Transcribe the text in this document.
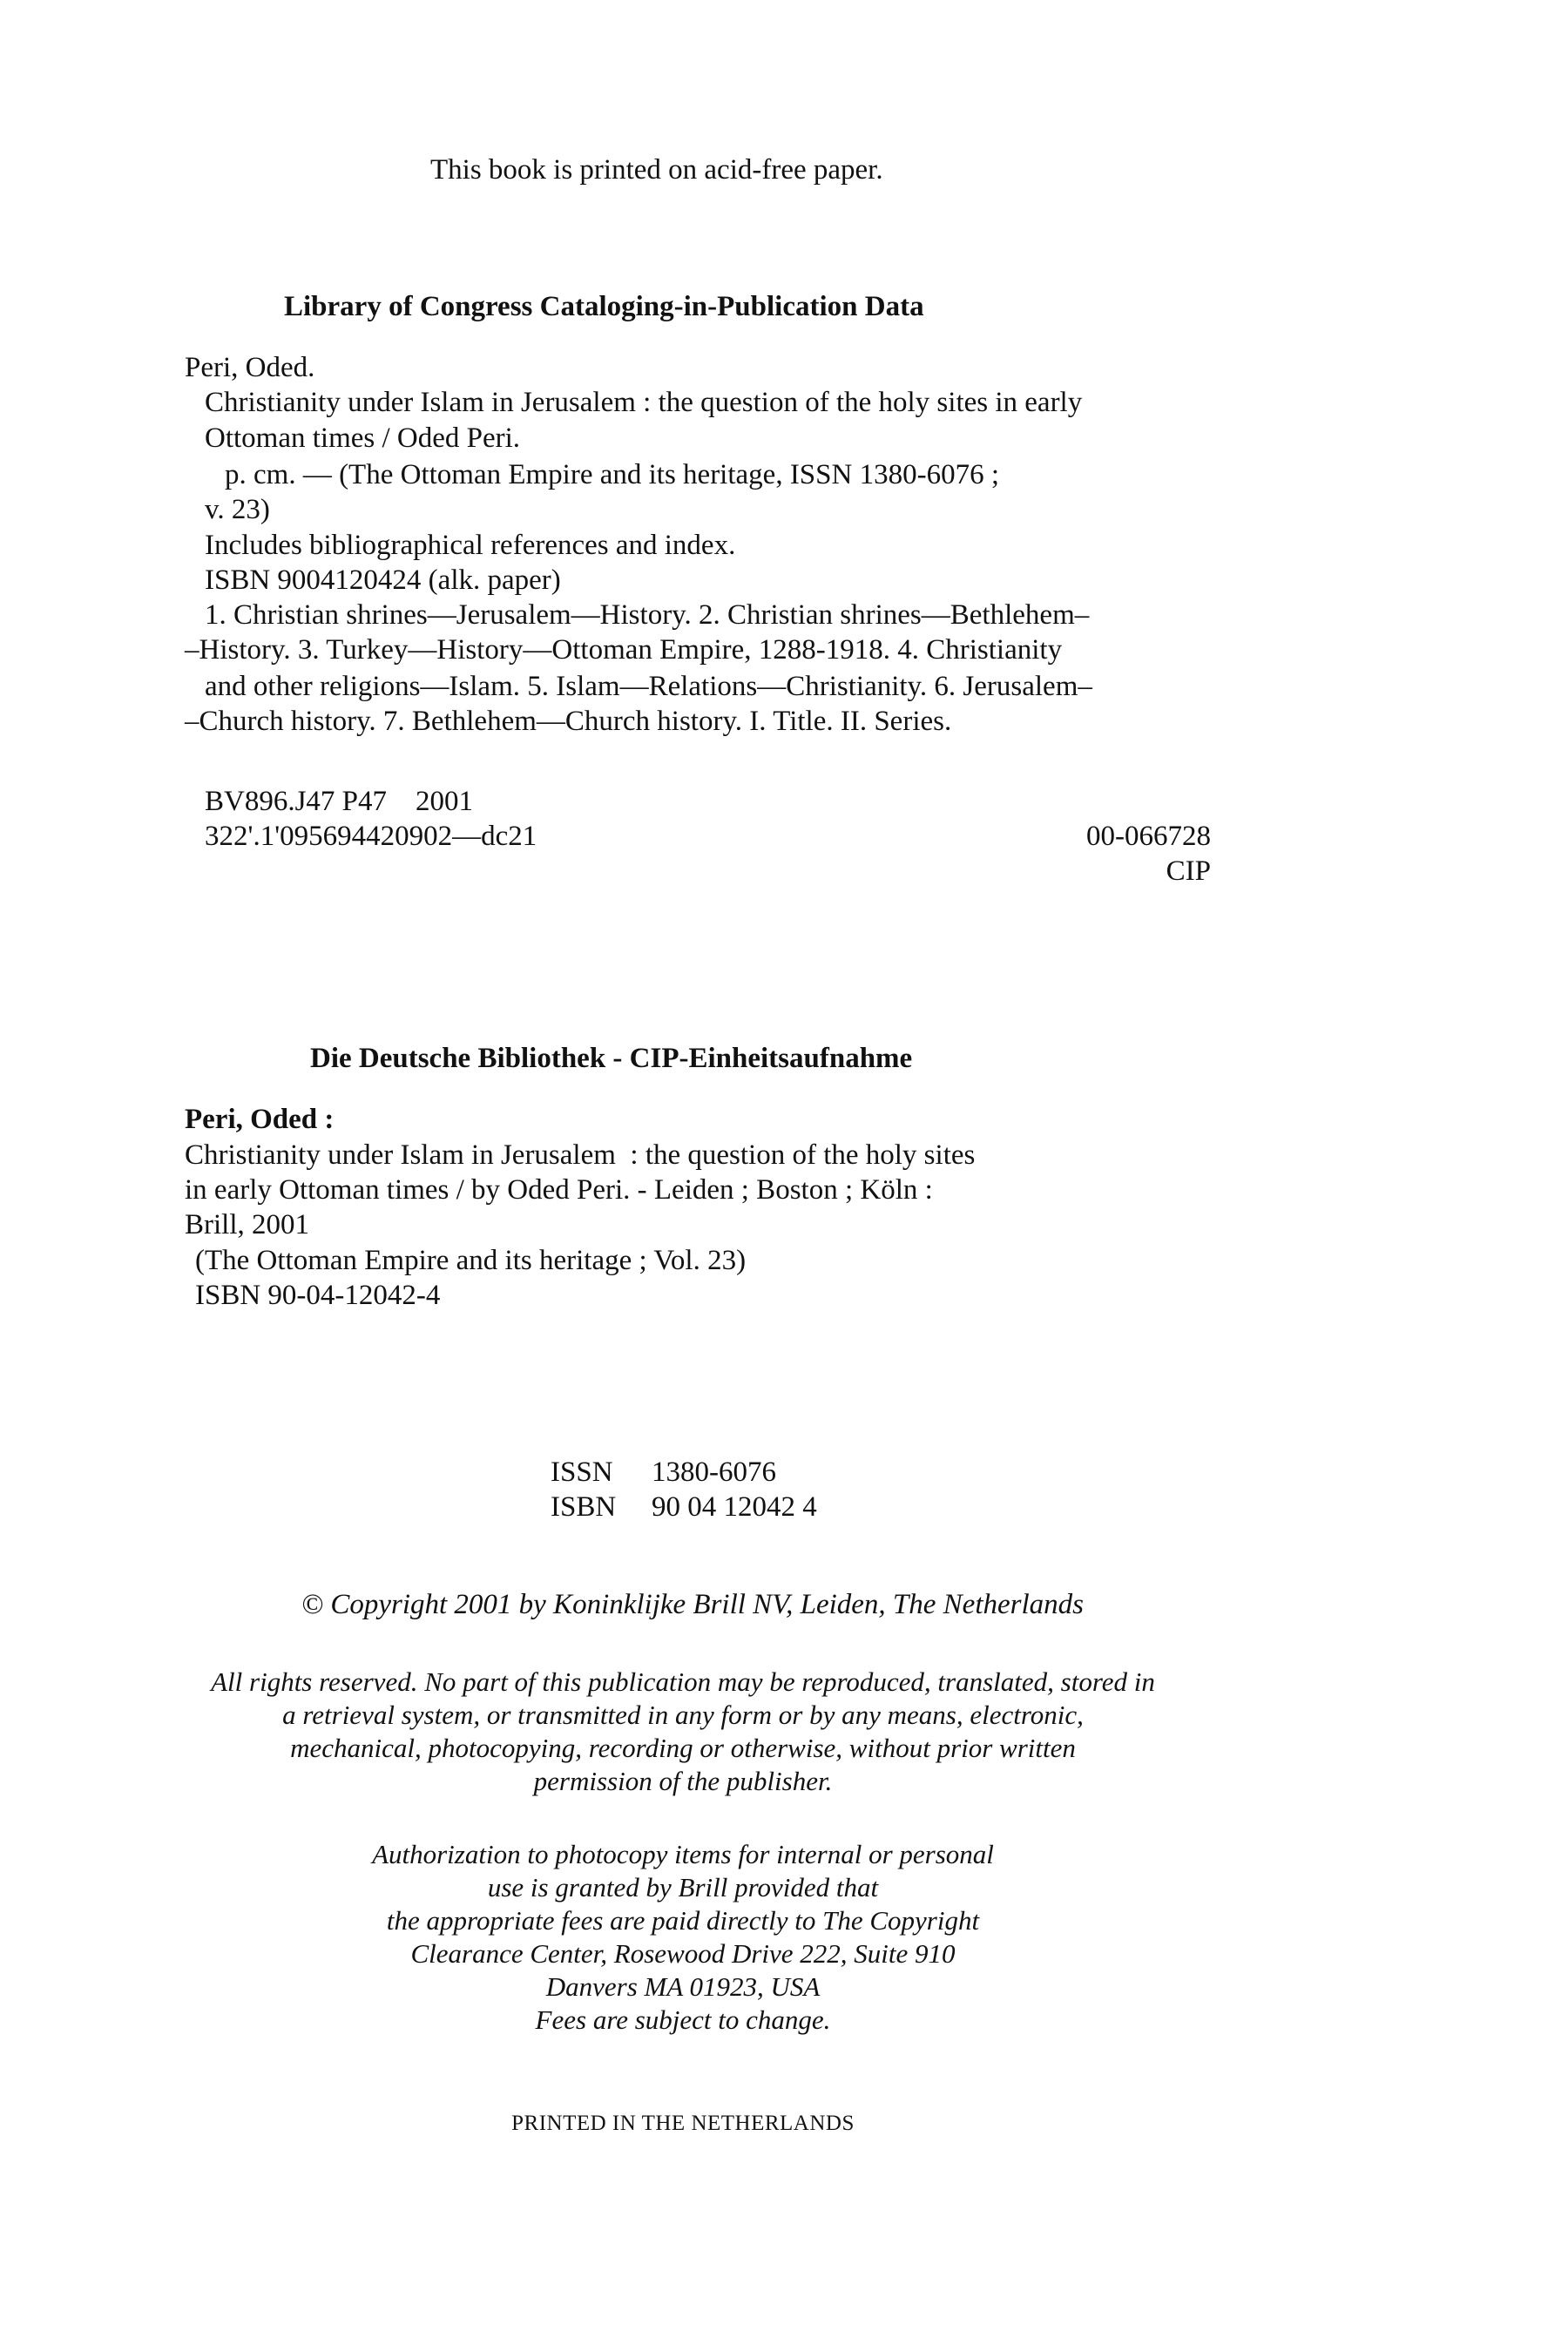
This book is printed on acid-free paper.

Library of Congress Cataloging-in-Publication Data

Peri, Oded.

Christianity under Islam in Jerusalem : the question of the holy sites in early

Ottoman times / Oded Peri.

p. cm. — (The Ottoman Empire and its heritage, ISSN 1380-6076 ;

v. 23)

Includes bibliographical references and index.

ISBN 9004120424 (alk. paper)

1. Christian shrines—Jerusalem—History. 2. Christian shrines—Bethlehem–

–History. 3. Turkey—History—Ottoman Empire, 1288-1918. 4. Christianity

and other religions—Islam. 5. Islam—Relations—Christianity. 6. Jerusalem–

–Church history. 7. Bethlehem—Church history. I. Title. II. Series.

BV896.J47 P47    2001

322'.1'095694420902—dc21	00-066728

CIP

Die Deutsche Bibliothek - CIP-Einheitsaufnahme

Peri, Oded :

Christianity under Islam in Jerusalem  : the question of the holy sites

in early Ottoman times / by Oded Peri. - Leiden ; Boston ; Köln :

Brill, 2001

(The Ottoman Empire and its heritage ; Vol. 23)

ISBN 90-04-12042-4

ISSN 1380-6076

ISBN 90 04 12042 4

© Copyright 2001 by Koninklijke Brill NV, Leiden, The Netherlands

All rights reserved. No part of this publication may be reproduced, translated, stored in

a retrieval system, or transmitted in any form or by any means, electronic,

mechanical, photocopying, recording or otherwise, without prior written

permission of the publisher.

Authorization to photocopy items for internal or personal

use is granted by Brill provided that

the appropriate fees are paid directly to The Copyright

Clearance Center, Rosewood Drive 222, Suite 910

Danvers MA 01923, USA

Fees are subject to change.

PRINTED IN THE NETHERLANDS
